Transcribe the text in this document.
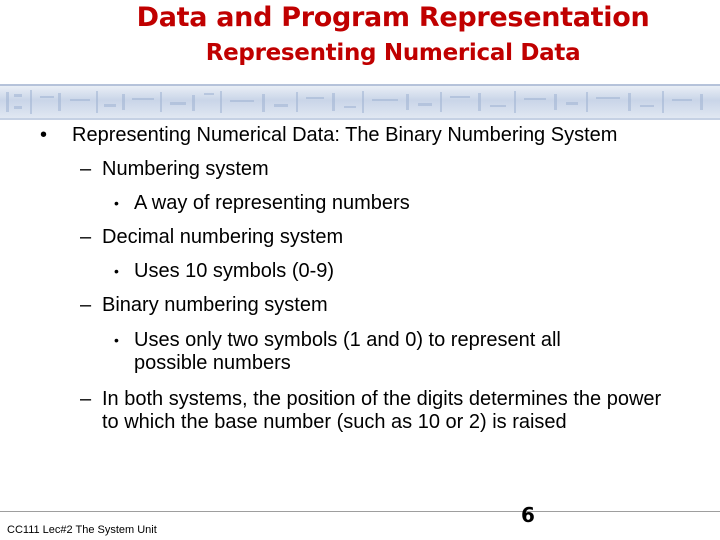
Data and Program Representation
Representing Numerical Data
• Representing Numerical Data: The Binary Numbering System
– Numbering system
• A way of representing numbers
– Decimal numbering system
• Uses 10 symbols (0-9)
– Binary numbering system
• Uses only two symbols (1 and 0) to represent all possible numbers
– In both systems, the position of the digits determines the power to which the base number (such as 10 or 2) is raised
CC111 Lec#2 The System Unit
6
